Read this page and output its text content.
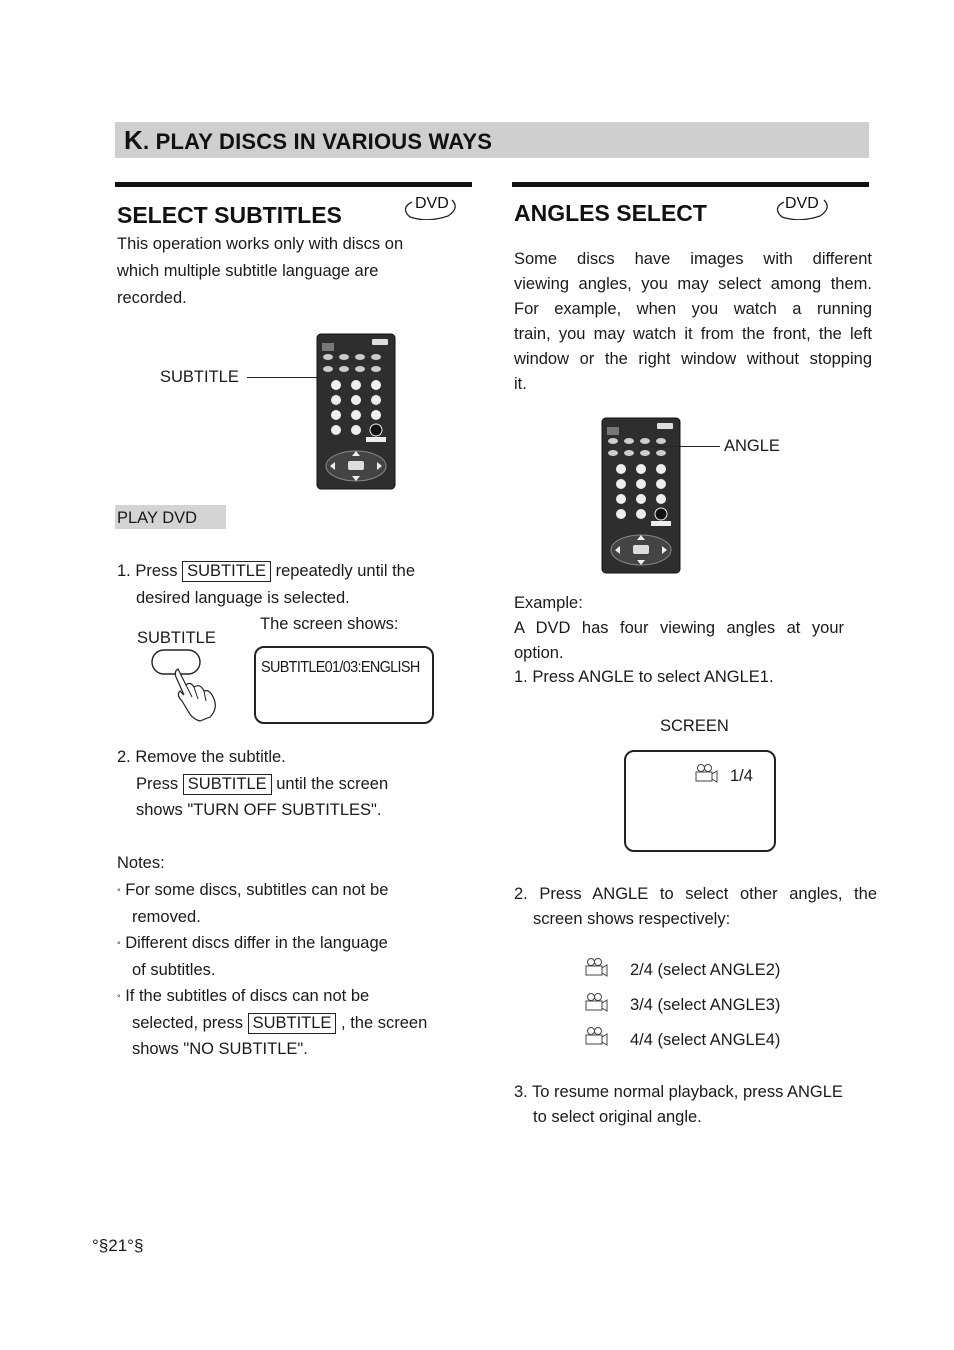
K. PLAY DISCS IN VARIOUS WAYS
SELECT SUBTITLES	DVD
This operation works only with discs on
which multiple subtitle language are
recorded.
SUBTITLE
PLAY DVD
1. Press SUBTITLE repeatedly until the
desired language is selected.
The screen shows:
SUBTITLE
SUBTITLE01/03:ENGLISH
2. Remove the subtitle.
Press SUBTITLE until the screen
shows "TURN OFF SUBTITLES".
Notes:
° For some discs, subtitles can not be
removed.
° Different discs differ in the language
of subtitles.
° If the subtitles of discs can not be
selected, press SUBTITLE , the screen
shows "NO SUBTITLE".
ANGLES SELECT	DVD
Some discs have images with different
viewing angles, you may select among them.
For example, when you watch a running
train, you may watch it from the front, the left
window or the right window without stopping
it.
ANGLE
Example:
A DVD has four viewing angles at your
option.
1. Press ANGLE to select ANGLE1.
SCREEN
1/4
2. Press ANGLE to select other angles, the
screen shows respectively:
2/4 (select ANGLE2)
3/4 (select ANGLE3)
4/4 (select ANGLE4)
3. To resume normal playback, press ANGLE
to select original angle.
°§21°§
